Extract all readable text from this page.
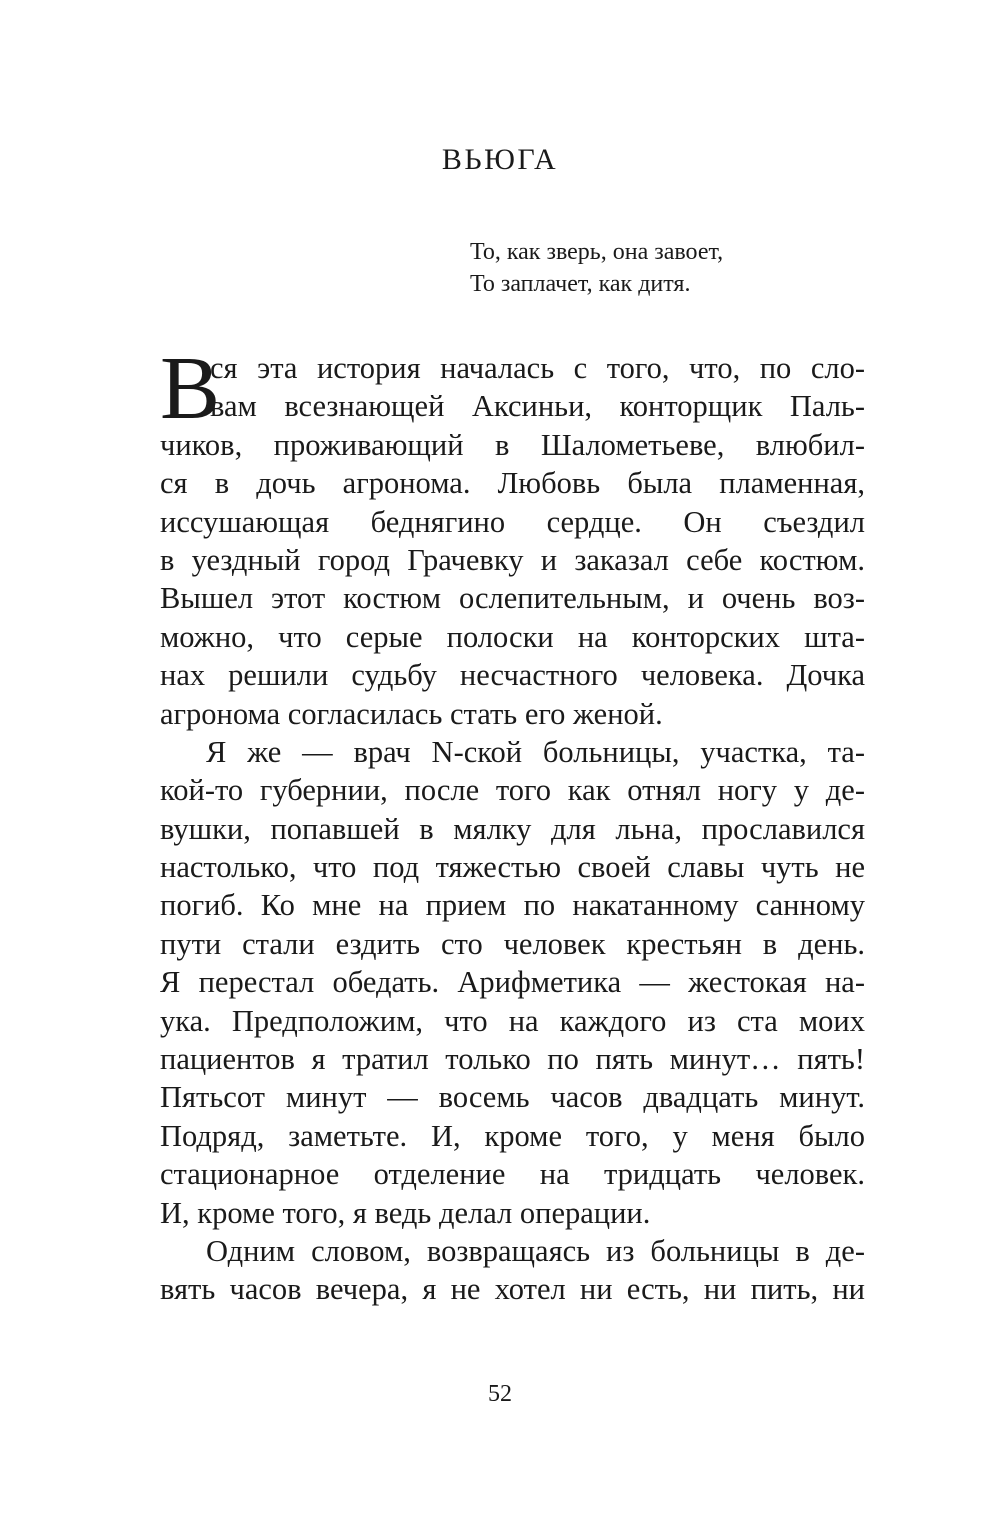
ВЬЮГА
То, как зверь, она завоет,
То заплачет, как дитя.
В
ся эта история началась с того, что, по сло-
вам всезнающей Аксиньи, конторщик Паль-
чиков, проживающий в Шалометьеве, влюбил-
ся в дочь агронома. Любовь была пламенная,
иссушающая беднягино сердце. Он съездил
в уездный город Грачевку и заказал себе костюм.
Вышел этот костюм ослепительным, и очень воз-
можно, что серые полоски на конторских шта-
нах решили судьбу несчастного человека. Дочка
агронома согласилась стать его женой.
Я же — врач N-ской больницы, участка, та-
кой-то губернии, после того как отнял ногу у де-
вушки, попавшей в мялку для льна, прославился
настолько, что под тяжестью своей славы чуть не
погиб. Ко мне на прием по накатанному санному
пути стали ездить сто человек крестьян в день.
Я перестал обедать. Арифметика — жестокая на-
ука. Предположим, что на каждого из ста моих
пациентов я тратил только по пять минут… пять!
Пятьсот минут — восемь часов двадцать минут.
Подряд, заметьте. И, кроме того, у меня было
стационарное отделение на тридцать человек.
И, кроме того, я ведь делал операции.
Одним словом, возвращаясь из больницы в де-
вять часов вечера, я не хотел ни есть, ни пить, ни
52
